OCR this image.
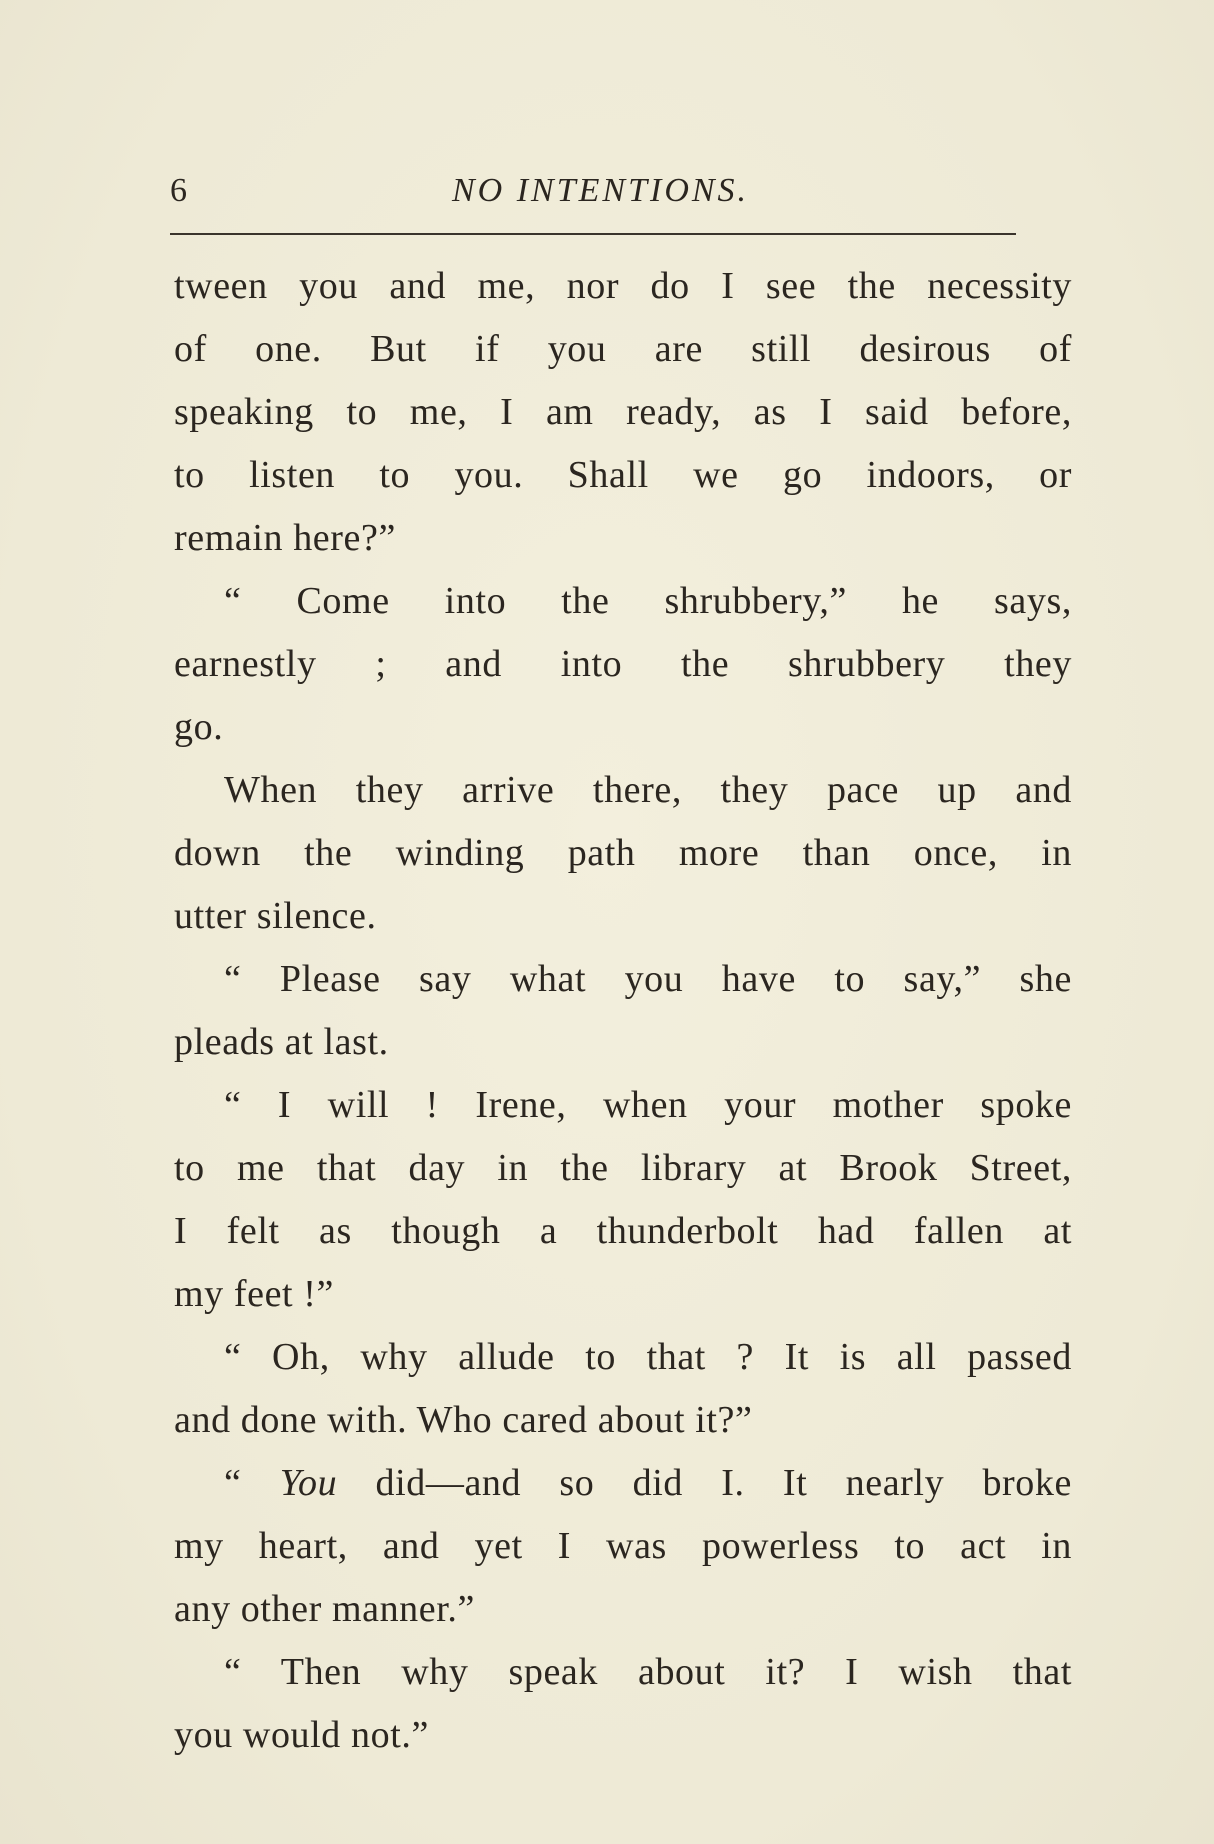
6	NO INTENTIONS.
tween you and me, nor do I see the necessity
of one. But if you are still desirous of
speaking to me, I am ready, as I said before,
to listen to you. Shall we go indoors, or
remain here?”
“ Come into the shrubbery,” he says,
earnestly ; and into the shrubbery they
go.
When they arrive there, they pace up and
down the winding path more than once, in
utter silence.
“ Please say what you have to say,” she
pleads at last.
“ I will ! Irene, when your mother spoke
to me that day in the library at Brook Street,
I felt as though a thunderbolt had fallen at
my feet !”
“ Oh, why allude to that ? It is all passed
and done with. Who cared about it?”
“ You did—and so did I. It nearly broke
my heart, and yet I was powerless to act in
any other manner.”
“ Then why speak about it? I wish that
you would not.”
